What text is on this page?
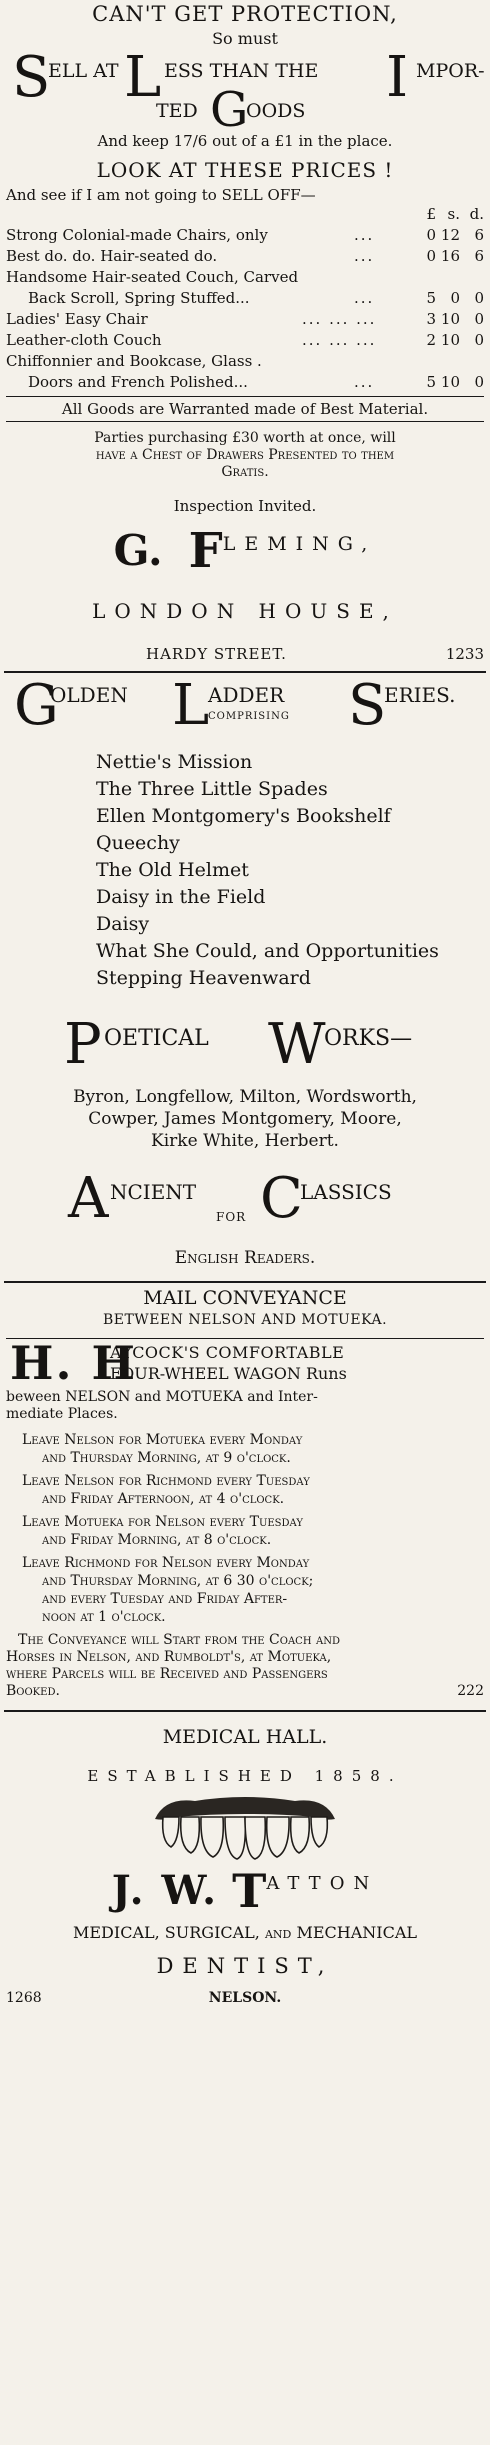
CAN'T GET PROTECTION,
So must
S
ELL AT L ESS THAN THE I MPOR-
TED G
OODS
And keep 17/6 out of a £1 in the place.
LOOK AT THESE PRICES !
And see if I am not going to SELL OFF—
£ s. d.
Strong Colonial-made Chairs, only	...	0 12 6
Best do. do. Hair-seated do.	...	0 16 6
Handsome Hair-seated Couch, Carved
Back Scroll, Spring Stuffed...	...	5 0 0
Ladies' Easy Chair	... ... ...	3 10 0
Leather-cloth Couch	... ... ...	2 10 0
Chiffonnier and Bookcase, Glass .
Doors and French Polished...	...	5 10 0
All Goods are Warranted made of Best Material.
Parties purchasing £30 worth at once, will
have a Chest of Drawers Presented to them
Gratis.
Inspection Invited.
G. F LEMING,
LONDON HOUSE,
HARDY STREET.	1233
G
OLDEN L
ADDER
COMPRISING S
ERIES.
Nettie's Mission
The Three Little Spades
Ellen Montgomery's Bookshelf
Queechy
The Old Helmet
Daisy in the Field
Daisy
What She Could, and Opportunities
Stepping Heavenward
P OETICAL W
ORKS—
Byron, Longfellow, Milton, Wordsworth,
Cowper, James Montgomery, Moore,
Kirke White, Herbert.
A NCIENT
FOR C
LASSICS
English Readers.
MAIL CONVEYANCE
BETWEEN NELSON AND MOTUEKA.
H. H
AYCOCK'S COMFORTABLE
FOUR-WHEEL WAGON Runs
beween NELSON and MOTUEKA and Inter-
mediate Places.

Leave Nelson for Motueka every Monday
and Thursday Morning, at 9 o'clock.

Leave Nelson for Richmond every Tuesday
and Friday Afternoon, at 4 o'clock.

Leave Motueka for Nelson every Tuesday
and Friday Morning, at 8 o'clock.

Leave Richmond for Nelson every Monday
and Thursday Morning, at 6 30 o'clock;
and every Tuesday and Friday After-
noon at 1 o'clock.

The Conveyance will Start from the Coach and
Horses in Nelson, and Rumboldt's, at Motueka,
where Parcels will be Received and Passengers
Booked.	222
MEDICAL HALL.
ESTABLISHED 1858.
J. W. T ATTON
MEDICAL, SURGICAL, and MECHANICAL
DENTIST,
1268	NELSON.
